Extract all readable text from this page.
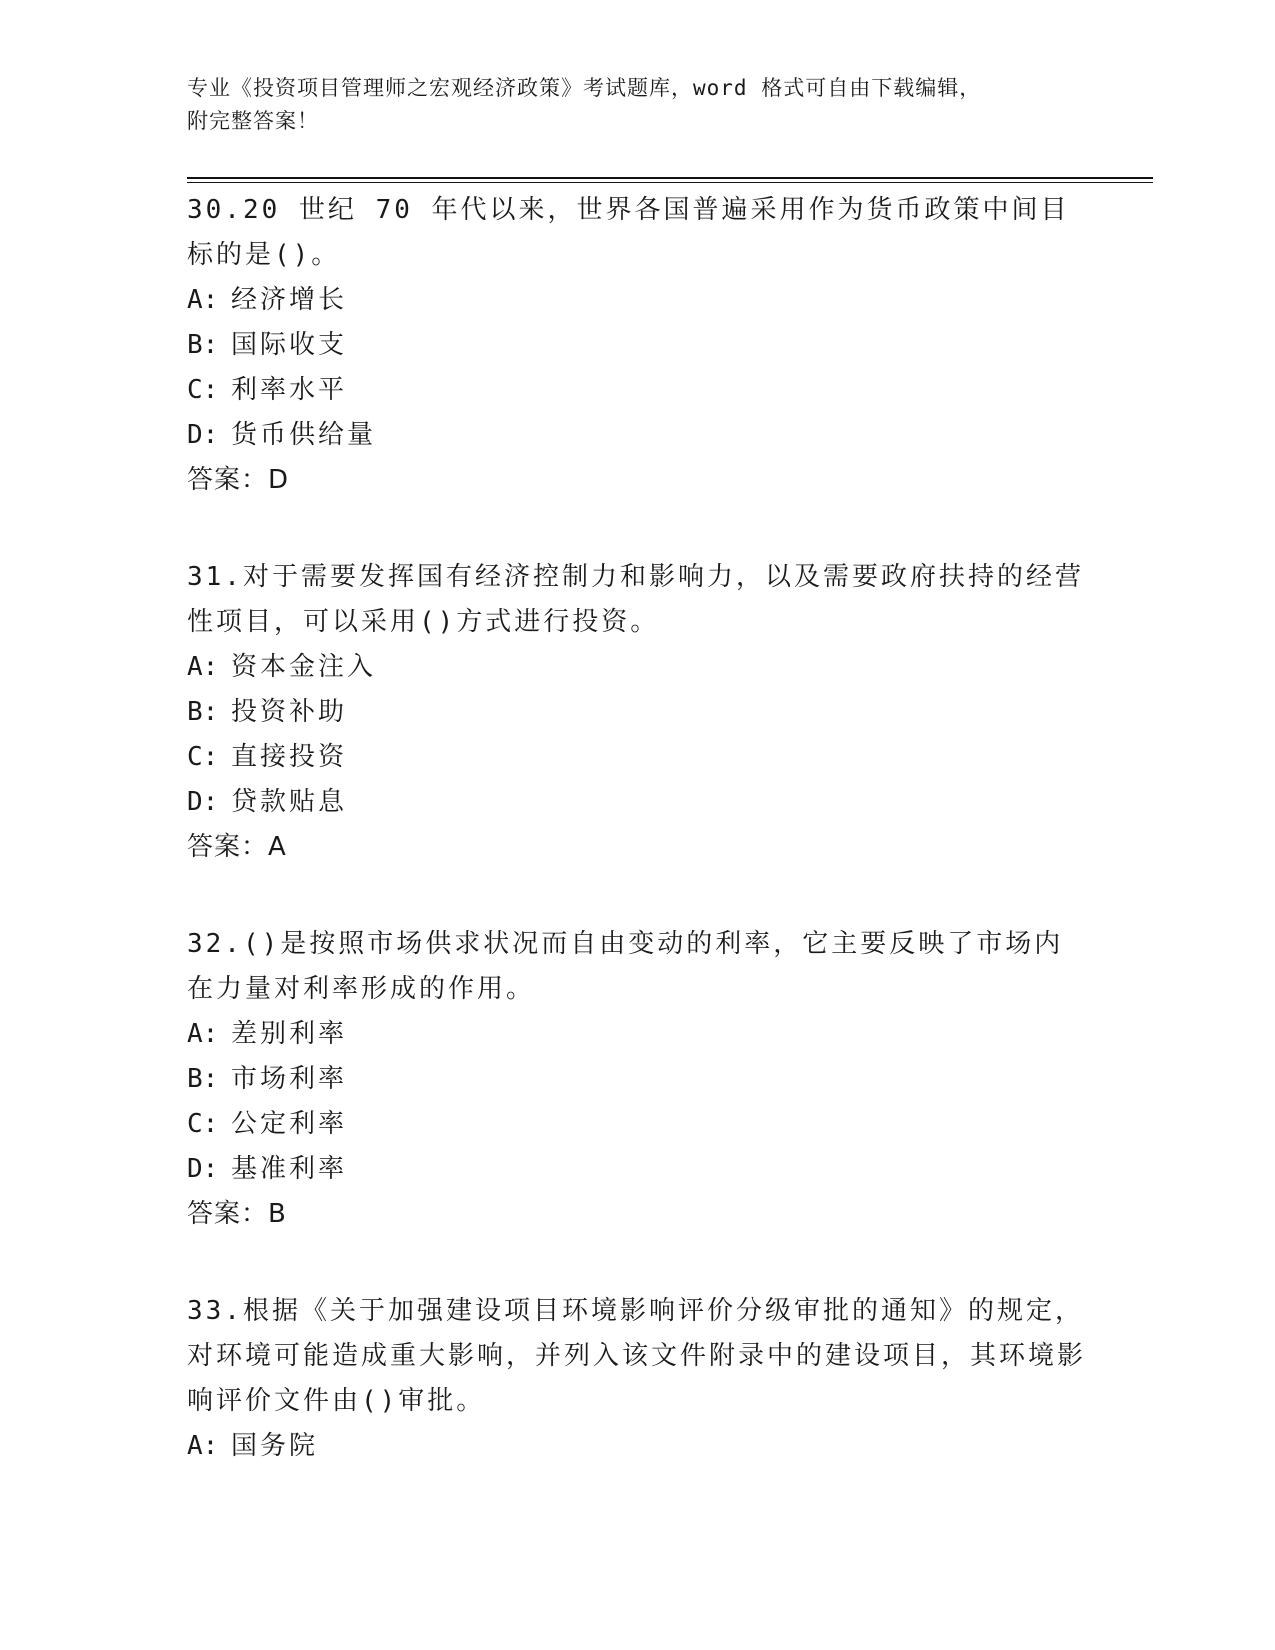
专业《投资项目管理师之宏观经济政策》考试题库，word 格式可自由下载编辑，
附完整答案！

30.20 世纪 70 年代以来，世界各国普遍采用作为货币政策中间目标的是()。

A: 经济增长

B: 国际收支

C: 利率水平

D: 货币供给量

答案：D

31.对于需要发挥国有经济控制力和影响力，以及需要政府扶持的经营性项目，可以采用()方式进行投资。

A: 资本金注入

B: 投资补助

C: 直接投资

D: 贷款贴息

答案：A

32.()是按照市场供求状况而自由变动的利率，它主要反映了市场内在力量对利率形成的作用。

A: 差别利率

B: 市场利率

C: 公定利率

D: 基准利率

答案：B

33.根据《关于加强建设项目环境影响评价分级审批的通知》的规定，对环境可能造成重大影响，并列入该文件附录中的建设项目，其环境影响评价文件由()审批。

A: 国务院
